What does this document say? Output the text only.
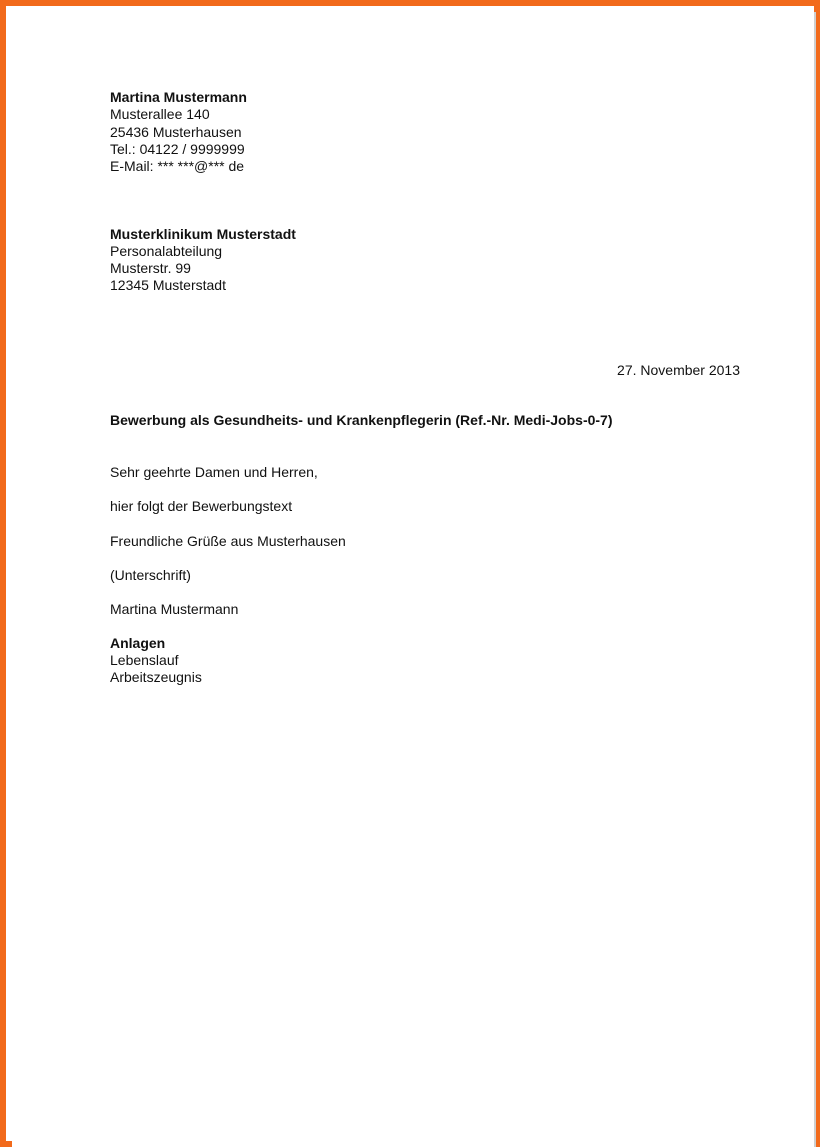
Martina Mustermann
Musterallee 140
25436 Musterhausen
Tel.: 04122 / 9999999
E-Mail: *** ***@*** de
Musterklinikum Musterstadt
Personalabteilung
Musterstr. 99
12345 Musterstadt
27. November 2013
Bewerbung als Gesundheits- und Krankenpflegerin (Ref.-Nr. Medi-Jobs-0-7)
Sehr geehrte Damen und Herren,
hier folgt der Bewerbungstext
Freundliche Grüße aus Musterhausen
(Unterschrift)
Martina Mustermann
Anlagen
Lebenslauf
Arbeitszeugnis
